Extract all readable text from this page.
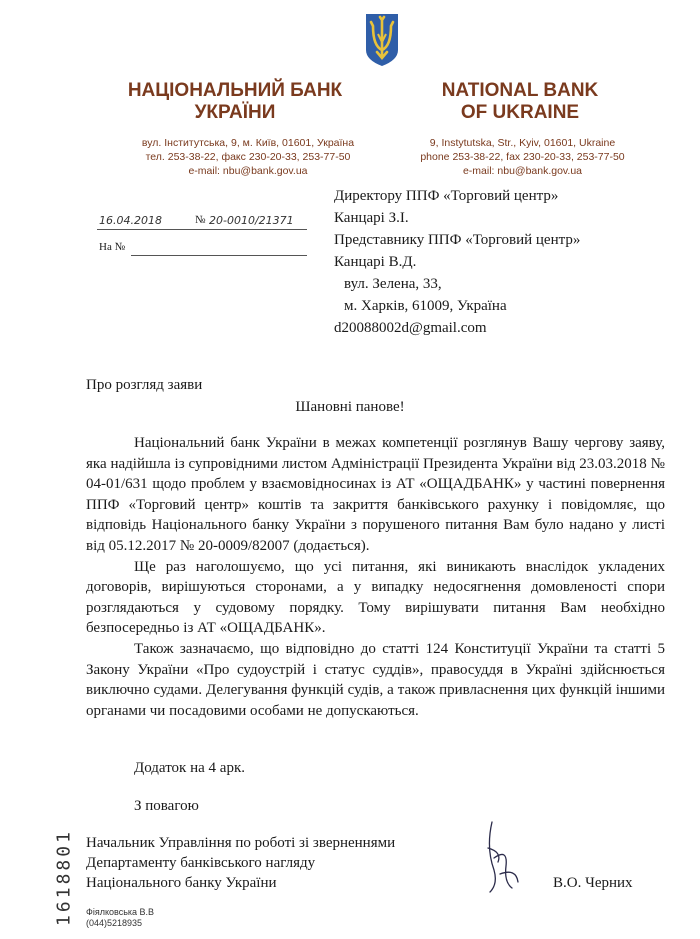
НАЦІОНАЛЬНИЙ БАНК
УКРАЇНИ
вул. Інститутська, 9, м. Київ, 01601, Україна
тел. 253-38-22, факс 230-20-33, 253-77-50
e-mail: nbu@bank.gov.ua
NATIONAL BANK
OF UKRAINE
9, Instytutska, Str., Kyiv, 01601, Ukraine
phone 253-38-22, fax 230-20-33, 253-77-50
e-mail: nbu@bank.gov.ua
16.04.2018	№ 20-0010/21371
На №
Директору ППФ «Торговий центр»
Канцарі З.І.
Представнику ППФ «Торговий центр»
Канцарі В.Д.
вул. Зелена, 33,
м. Харків, 61009, Україна
d20088002d@gmail.com
Про розгляд заяви
Шановні панове!

Національний банк України в межах компетенції розглянув Вашу чергову заяву, яка надійшла із супровідними листом Адміністрації Президента України від 23.03.2018 № 04-01/631 щодо проблем у взаємовідносинах із АТ «ОЩАДБАНК» у частині повернення ППФ «Торговий центр» коштів та закриття банківського рахунку і повідомляє, що відповідь Національного банку України з порушеного питання Вам було надано у листі від 05.12.2017 № 20-0009/82007 (додається).

Ще раз наголошуємо, що усі питання, які виникають внаслідок укладених договорів, вирішуються сторонами, а у випадку недосягнення домовленості спори розглядаються у судовому порядку. Тому вирішувати питання Вам необхідно безпосередньо із АТ «ОЩАДБАНК».

Також зазначаємо, що відповідно до статті 124 Конституції України та статті 5 Закону України «Про судоустрій і статус суддів», правосуддя в Україні здійснюється виключно судами. Делегування функцій судів, а також привласнення цих функцій іншими органами чи посадовими особами не допускаються.

Додаток на 4 арк.
З повагою
Начальник Управління по роботі зі зверненнями
Департаменту банківського нагляду
Національного банку України	В.О. Черних
Фіялковська В.В
(044)5218935
1618801
